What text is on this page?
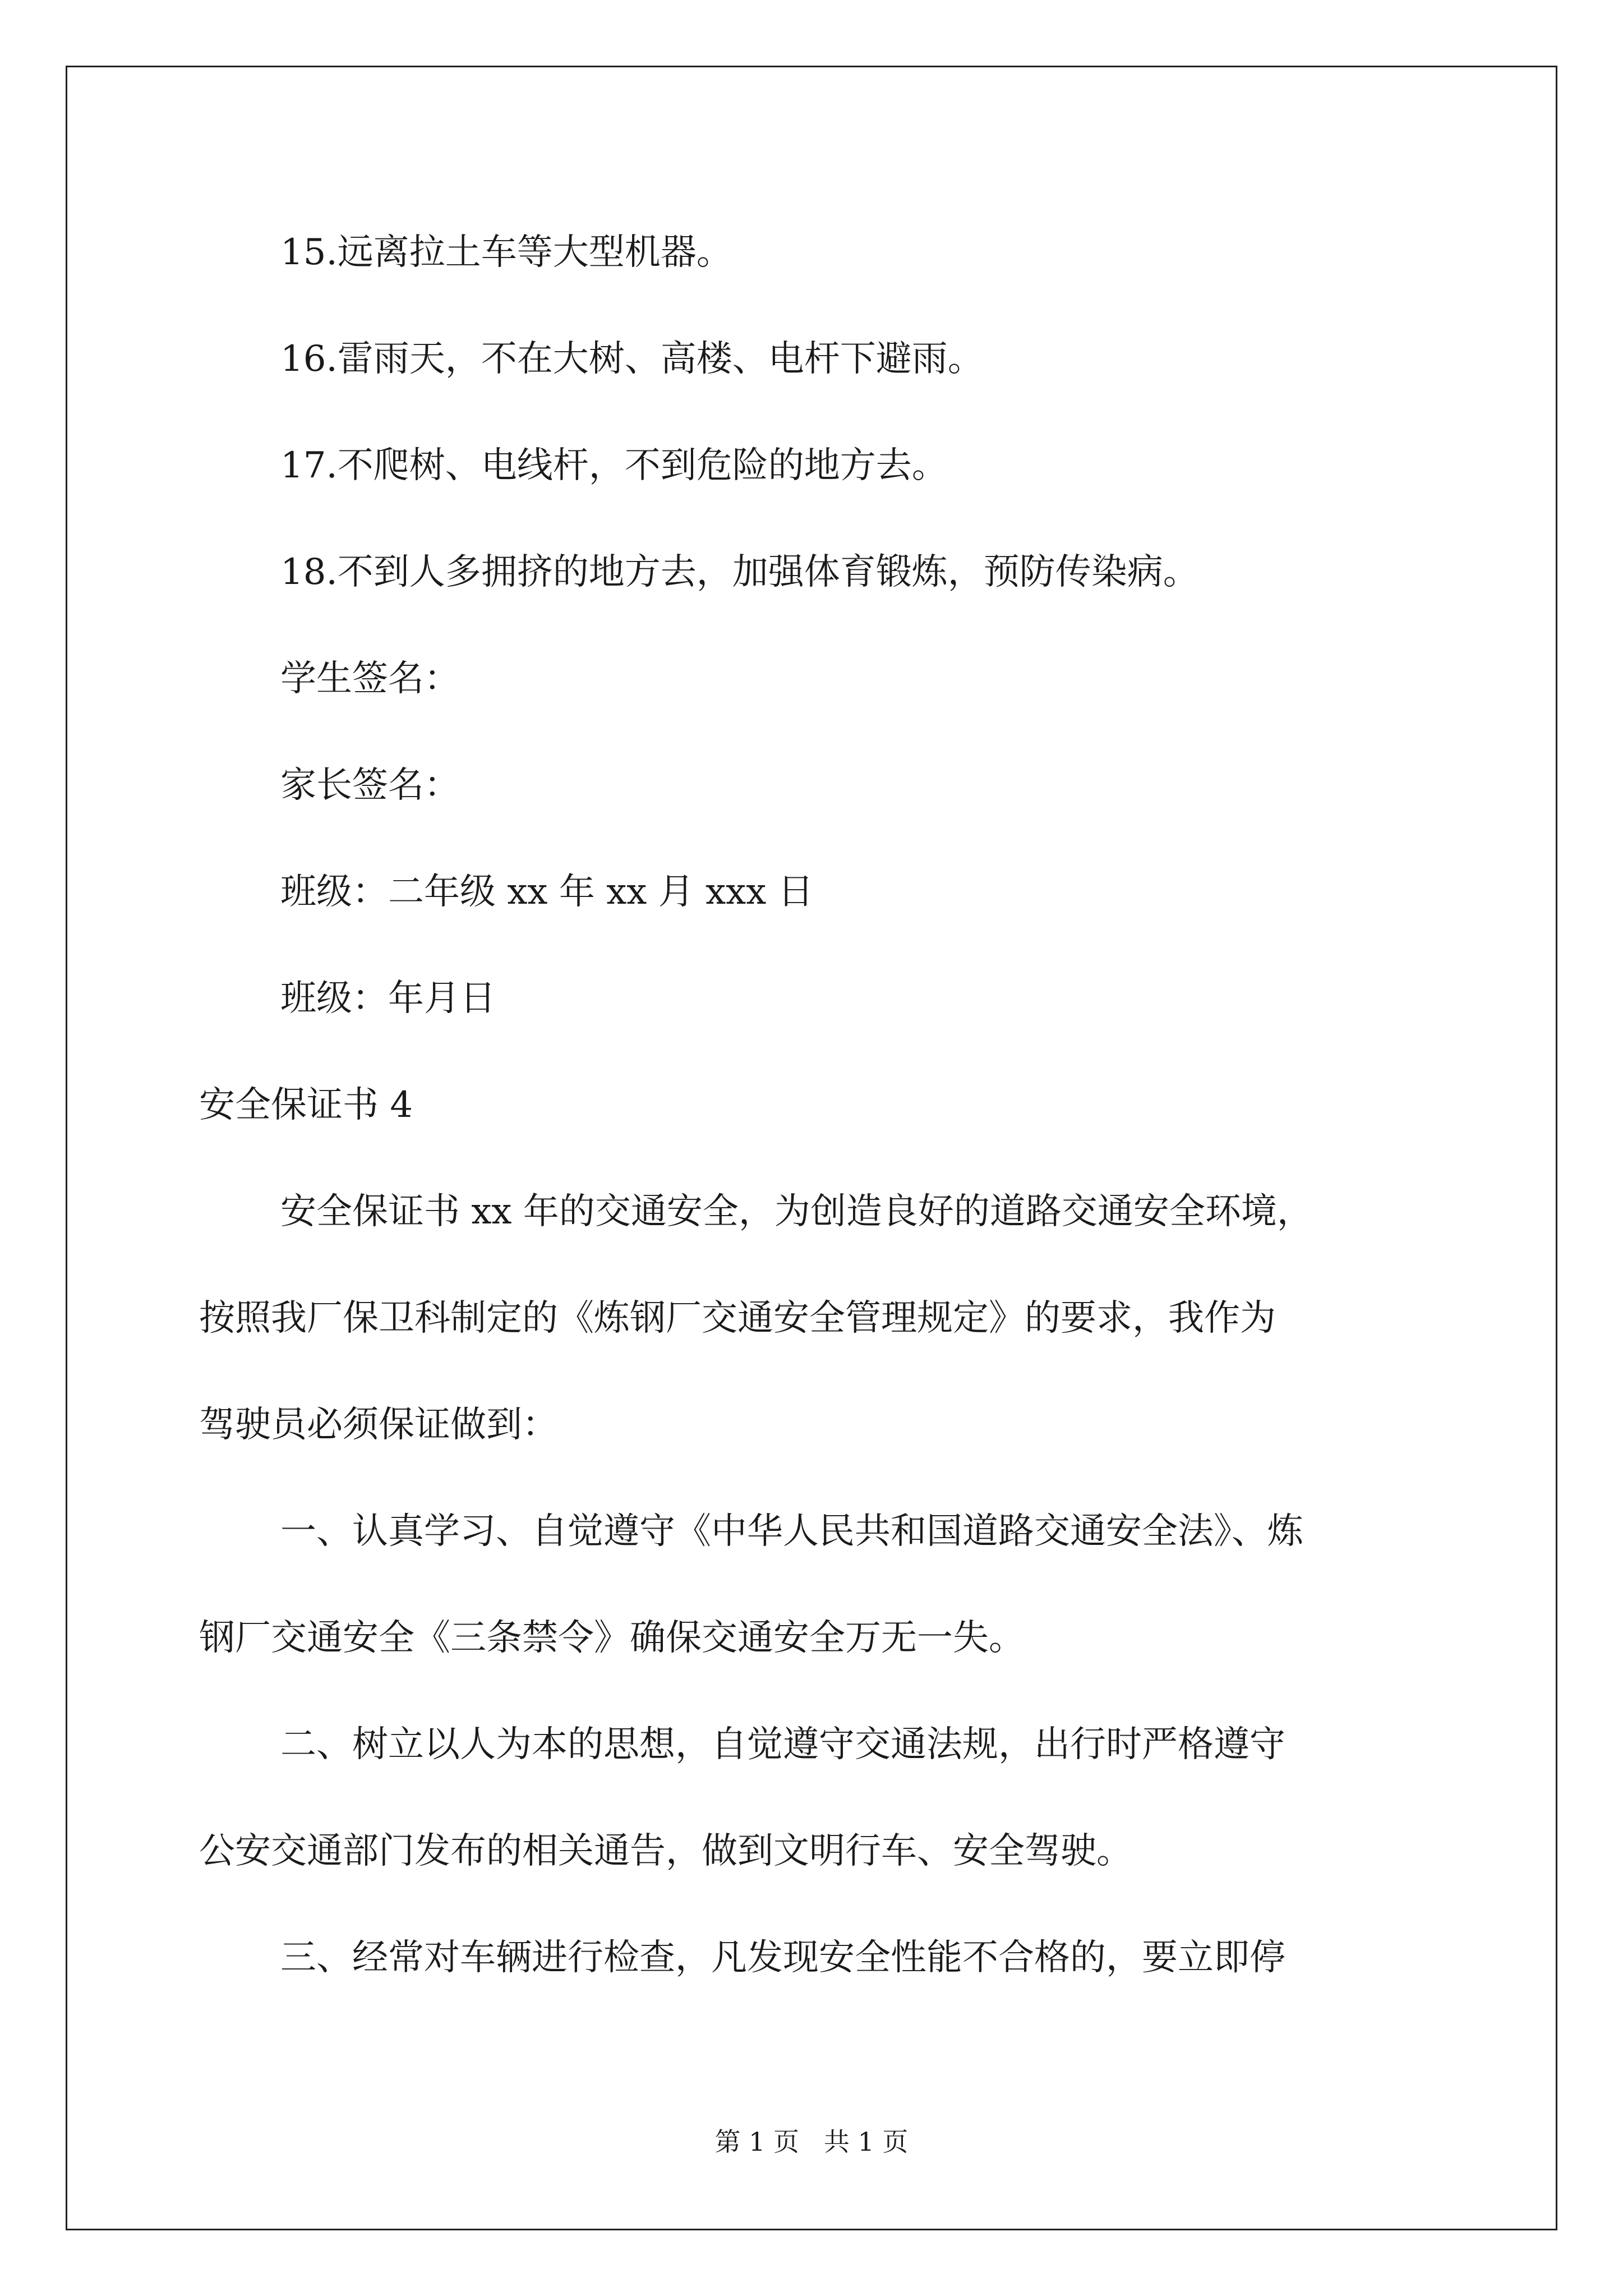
15.远离拉土车等大型机器。
16.雷雨天，不在大树、高楼、电杆下避雨。
17.不爬树、电线杆，不到危险的地方去。
18.不到人多拥挤的地方去，加强体育锻炼，预防传染病。
学生签名：
家长签名：
班级：二年级 xx 年 xx 月 xxx 日
班级：年月日
安全保证书 4
安全保证书 xx 年的交通安全，为创造良好的道路交通安全环境，
按照我厂保卫科制定的《炼钢厂交通安全管理规定》的要求，我作为
驾驶员必须保证做到：
一、认真学习、自觉遵守《中华人民共和国道路交通安全法》、炼
钢厂交通安全《三条禁令》确保交通安全万无一失。
二、树立以人为本的思想，自觉遵守交通法规，出行时严格遵守
公安交通部门发布的相关通告，做到文明行车、安全驾驶。
三、经常对车辆进行检查，凡发现安全性能不合格的，要立即停
第 1 页   共 1 页
